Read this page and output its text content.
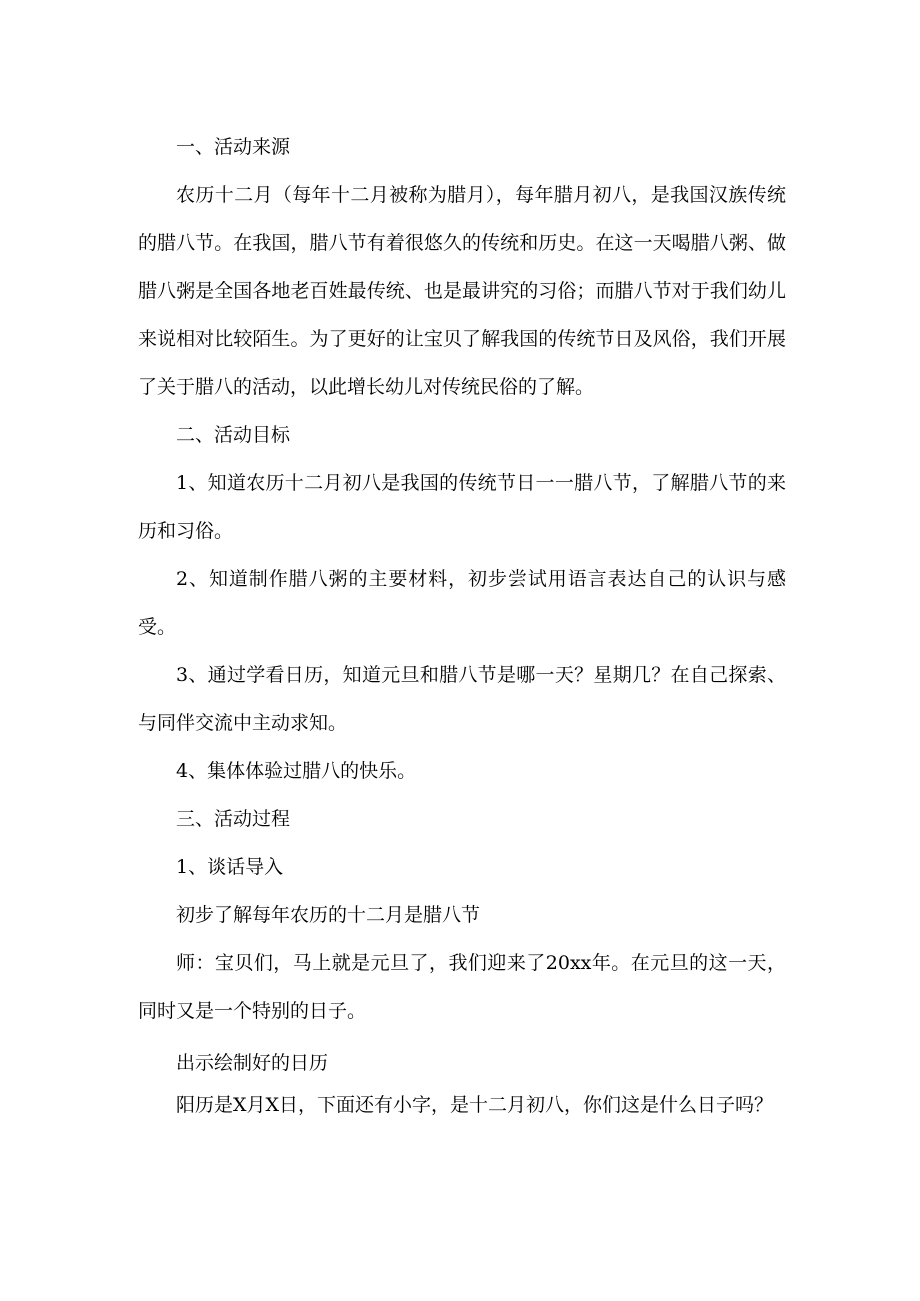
一、活动来源

农历十二月（每年十二月被称为腊月），每年腊月初八，是我国汉族传统的腊八节。在我国，腊八节有着很悠久的传统和历史。在这一天喝腊八粥、做腊八粥是全国各地老百姓最传统、也是最讲究的习俗；而腊八节对于我们幼儿来说相对比较陌生。为了更好的让宝贝了解我国的传统节日及风俗，我们开展了关于腊八的活动，以此增长幼儿对传统民俗的了解。

二、活动目标

1、知道农历十二月初八是我国的传统节日一一腊八节，了解腊八节的来历和习俗。

2、知道制作腊八粥的主要材料，初步尝试用语言表达自己的认识与感受。

3、通过学看日历，知道元旦和腊八节是哪一天？星期几？在自己探索、与同伴交流中主动求知。

4、集体体验过腊八的快乐。

三、活动过程

1、谈话导入

初步了解每年农历的十二月是腊八节

师：宝贝们，马上就是元旦了，我们迎来了20xx年。在元旦的这一天，同时又是一个特别的日子。

出示绘制好的日历

阳历是X月X日，下面还有小字，是十二月初八，你们这是什么日子吗？
